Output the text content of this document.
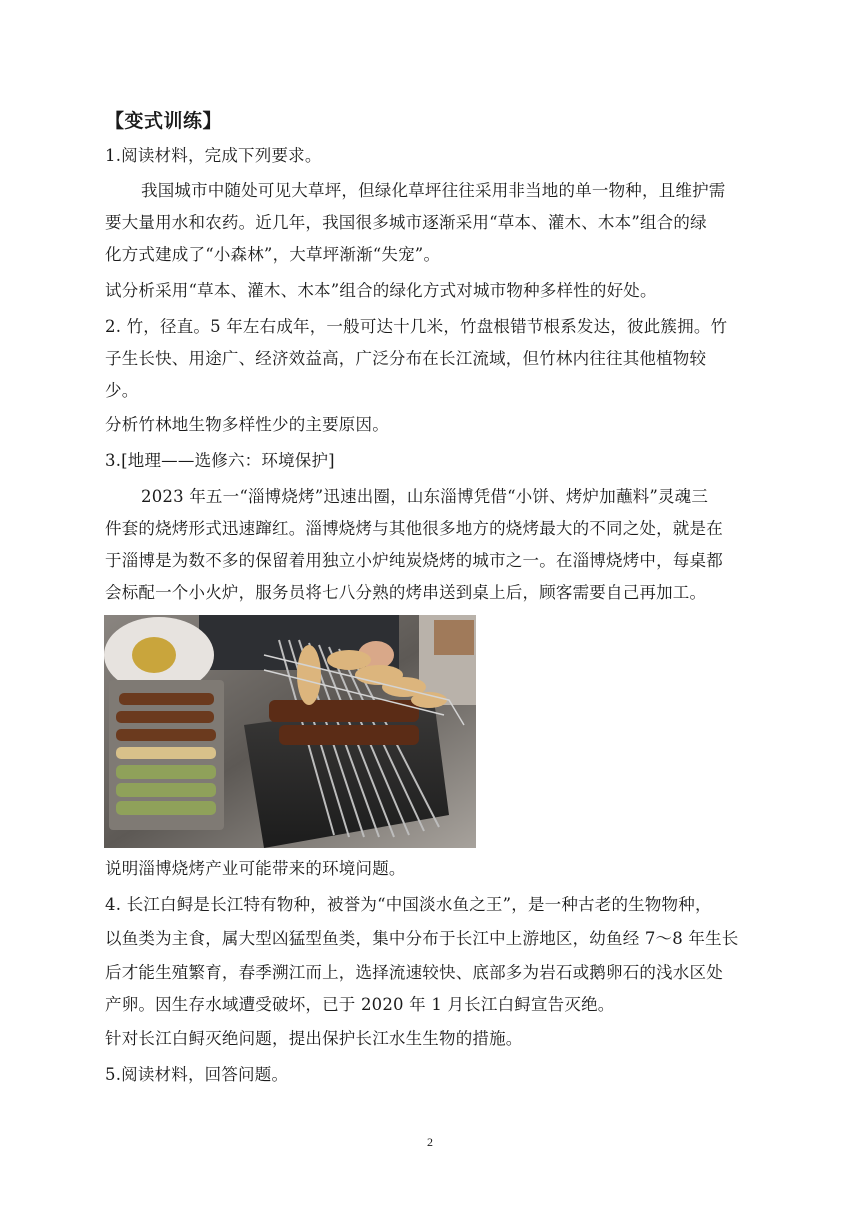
【变式训练】
1.阅读材料，完成下列要求。
我国城市中随处可见大草坪，但绿化草坪往往采用非当地的单一物种，且维护需
要大量用水和农药。近几年，我国很多城市逐渐采用“草本、灌木、木本”组合的绿
化方式建成了“小森林”，大草坪渐渐“失宠”。
试分析采用“草本、灌木、木本”组合的绿化方式对城市物种多样性的好处。
2. 竹，径直。5 年左右成年，一般可达十几米，竹盘根错节根系发达，彼此簇拥。竹
子生长快、用途广、经济效益高，广泛分布在长江流域，但竹林内往往其他植物较
少。
分析竹林地生物多样性少的主要原因。
3.[地理——选修六：环境保护]
2023 年五一“淄博烧烤”迅速出圈，山东淄博凭借“小饼、烤炉加蘸料”灵魂三
件套的烧烤形式迅速蹿红。淄博烧烤与其他很多地方的烧烤最大的不同之处，就是在
于淄博是为数不多的保留着用独立小炉纯炭烧烤的城市之一。在淄博烧烤中，每桌都
会标配一个小火炉，服务员将七八分熟的烤串送到桌上后，顾客需要自己再加工。
说明淄博烧烤产业可能带来的环境问题。
4. 长江白鲟是长江特有物种，被誉为“中国淡水鱼之王”，是一种古老的生物物种，
以鱼类为主食，属大型凶猛型鱼类，集中分布于长江中上游地区，幼鱼经 7～8 年生长
后才能生殖繁育，春季溯江而上，选择流速较快、底部多为岩石或鹅卵石的浅水区处
产卵。因生存水域遭受破坏，已于 2020 年 1 月长江白鲟宣告灭绝。
针对长江白鲟灭绝问题，提出保护长江水生生物的措施。
5.阅读材料，回答问题。
2
